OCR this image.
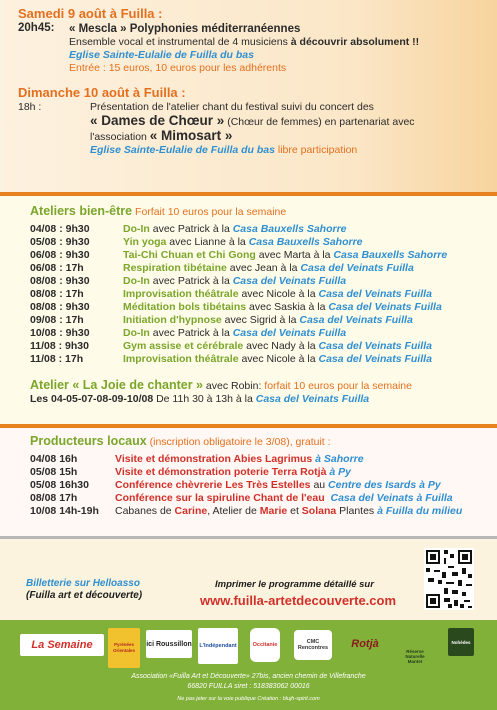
Samedi 9 août à Fuilla :
20h45:	« Mescla » Polyphonies méditerranéennes
Ensemble vocal et instrumental de 4 musiciens à découvrir absolument !!
Eglise Sainte-Eulalie de Fuilla du bas
Entrée : 15 euros, 10 euros pour les adhérents
Dimanche 10 août à Fuilla :
18h :	Présentation de l'atelier chant du festival suivi du concert des
« Dames de Chœur » (Chœur de femmes) en partenariat avec
l'association « Mimosart »
Eglise Sainte-Eulalie de Fuilla du bas libre participation
Ateliers bien-être Forfait 10 euros pour la semaine
04/08 : 9h30	Do-In avec Patrick à la Casa Bauxells Sahorre
05/08 : 9h30	Yin yoga avec Lianne à la Casa Bauxells Sahorre
06/08 : 9h30	Tai-Chi Chuan et Chi Gong avec Marta à la Casa Bauxells Sahorre
06/08 : 17h	Respiration tibétaine avec Jean à la Casa del Veinats Fuilla
08/08 : 9h30	Do-In avec Patrick à la Casa del Veinats Fuilla
08/08 : 17h	Improvisation théâtrale avec Nicole à la Casa del Veinats Fuilla
08/08 : 9h30	Méditation bols tibétains avec Saskia à la Casa del Veinats Fuilla
09/08 : 17h	Initiation d'hypnose avec Sigrid à la Casa del Veinats Fuilla
10/08 : 9h30	Do-In avec Patrick à la Casa del Veinats Fuilla
11/08 : 9h30	Gym assise et cérébrale avec Nady à la Casa del Veinats Fuilla
11/08 : 17h	Improvisation théâtrale avec Nicole à la Casa del Veinats Fuilla
Atelier « La Joie de chanter » avec Robin: forfait 10 euros pour la semaine
Les 04-05-07-08-09-10/08 De 11h 30 à 13h à la Casa del Veinats Fuilla
Producteurs locaux (inscription obligatoire le 3/08), gratuit :
04/08 16h	Visite et démonstration Abies Lagrimus à Sahorre
05/08 15h	Visite et démonstration poterie Terra Rotjà à Py
05/08 16h30	Conférence chèvrerie Les Très Estelles au Centre des Isards à Py
08/08 17h	Conférence sur la spiruline Chant de l'eau Casa del Veinats à Fuilla
10/08 14h-19h	Cabanes de Carine, Atelier de Marie et Solana Plantes à Fuilla du milieu
Billetterie sur Helloasso
(Fuilla art et découverte)
Imprimer le programme détaillé sur
www.fuilla-artetdecouverte.com
La Semaine	Pyrénées Orientales
ici Roussillon L'Indépendant	Occitanie	CMC Rencontres	Rotjà
Réserve Naturelle Mantet
Nohèdes
Association «Fuilla Art et Découverte» 27bis, ancien chemin de Villefranche
66820 FUILLA siret : 518383062 00016
Ne pas jeter sur la voie publique Création : blujh-spirit.com
